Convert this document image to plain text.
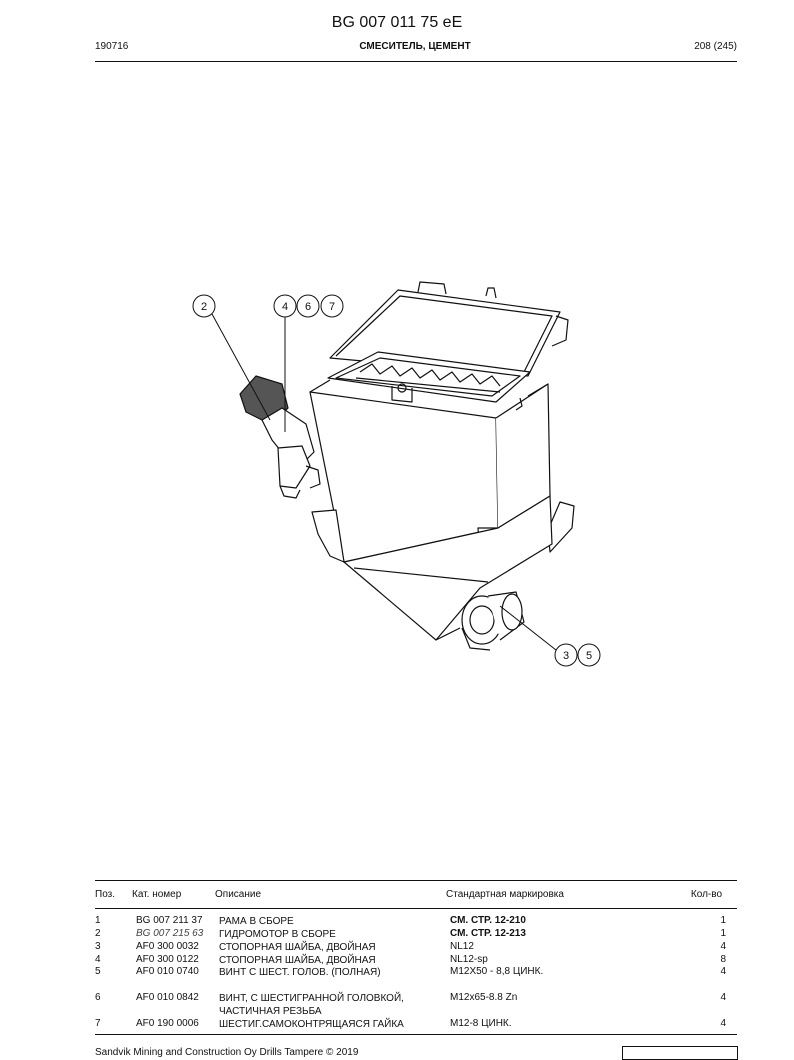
BG 007 011 75 eE
190716	СМЕСИТЕЛЬ, ЦЕМЕНТ	208 (245)
2	4 6 7
3 5
Поз. Кат. номер	Описание	Стандартная маркировка	Кол-во
1	BG 007 211 37 РАМА В СБОРЕ	СМ. СТР. 12-210	1
2	BG 007 215 63 ГИДРОМОТОР В СБОРЕ	СМ. СТР. 12-213	1
3	AF0 300 0032 СТОПОРНАЯ ШАЙБА, ДВОЙНАЯ	NL12	4
4	AF0 300 0122 СТОПОРНАЯ ШАЙБА, ДВОЙНАЯ	NL12-sp	8
5	AF0 010 0740 ВИНТ С ШЕСТ. ГОЛОВ. (ПОЛНАЯ)	M12X50 - 8,8 ЦИНК.	4
6	AF0 010 0842 ВИНТ, С ШЕСТИГРАННОЙ ГОЛОВКОЙ,
ЧАСТИЧНАЯ РЕЗЬБА
M12x65-8.8 Zn	4
7	AF0 190 0006 ШЕСТИГ.САМОКОНТРЯЩАЯСЯ ГАЙКА	M12-8 ЦИНК.	4
Sandvik Mining and Construction Oy Drills Tampere © 2019
